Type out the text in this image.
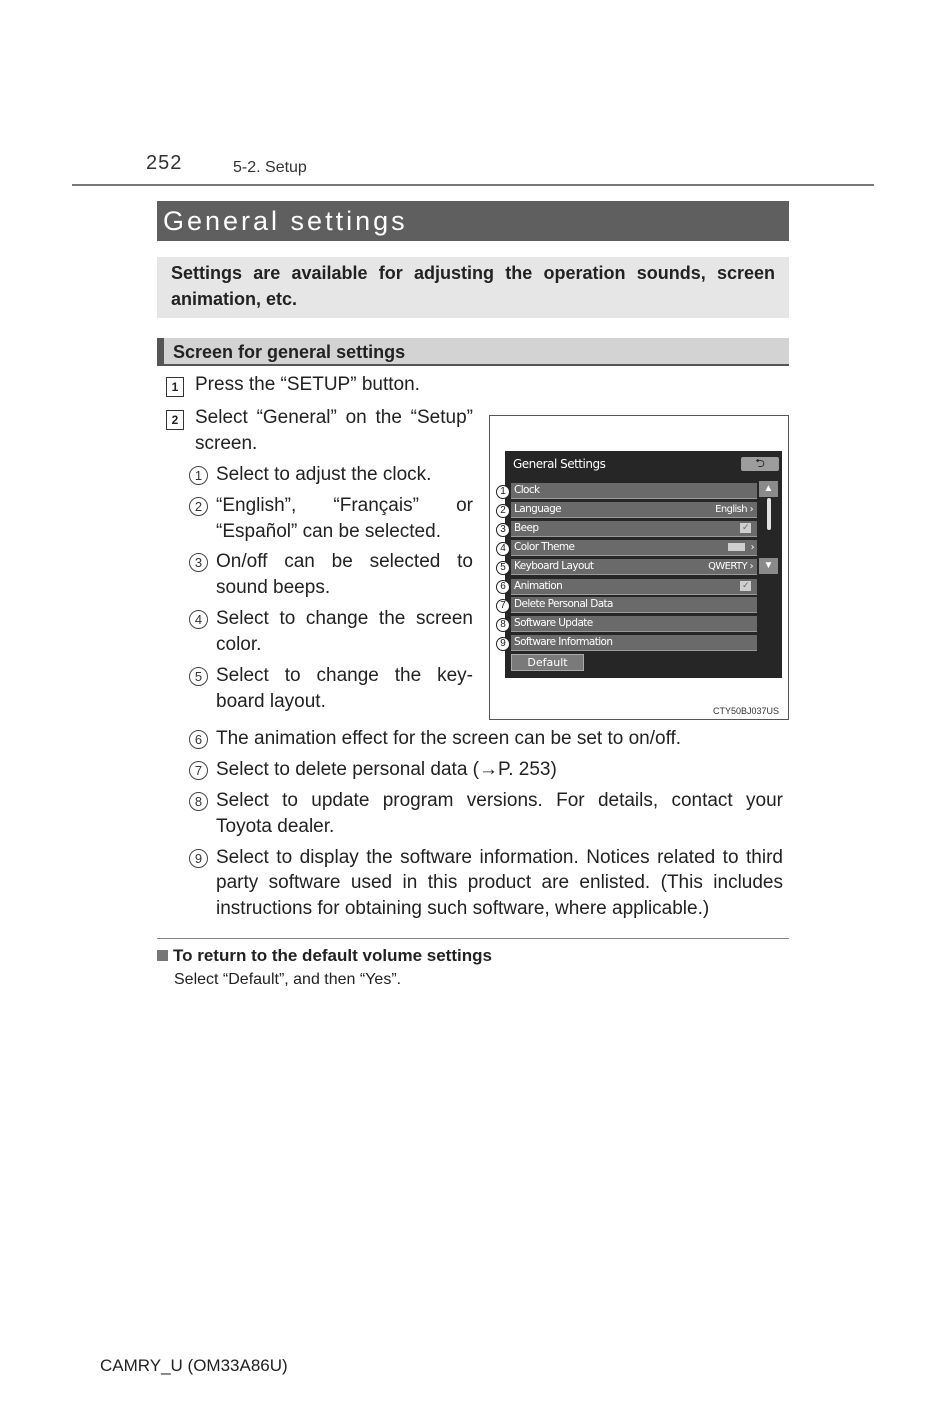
252	5-2. Setup
General settings
Settings are available for adjusting the operation sounds, screen animation, etc.
Screen for general settings
1 Press the “SETUP” button.
2 Select “General” on the “Setup”
screen.
1 Select to adjust the clock.
2 “English”,     “Français”     or
“Español” can be selected.
3 On/off can be selected to
sound beeps.
4 Select to change the screen
color.
5 Select to change the key-
board layout.
General Settings	⮌
Clock
Language	English ›
Beep	✓
Color Theme	›
Keyboard Layout	QWERTY ›
Animation	✓
Delete Personal Data
Software Update
Software Information
▲
▼
Default
1
2
3
4
5
6
7
8
9
CTY50BJ037US
6 The animation effect for the screen can be set to on/off.
7 Select to delete personal data (→P. 253)
8 Select to update program versions. For details, contact your
Toyota dealer.
9 Select to display the software information. Notices related to third
party software used in this product are enlisted. (This includes
instructions for obtaining such software, where applicable.)
To return to the default volume settings
Select “Default”, and then “Yes”.
CAMRY_U (OM33A86U)
